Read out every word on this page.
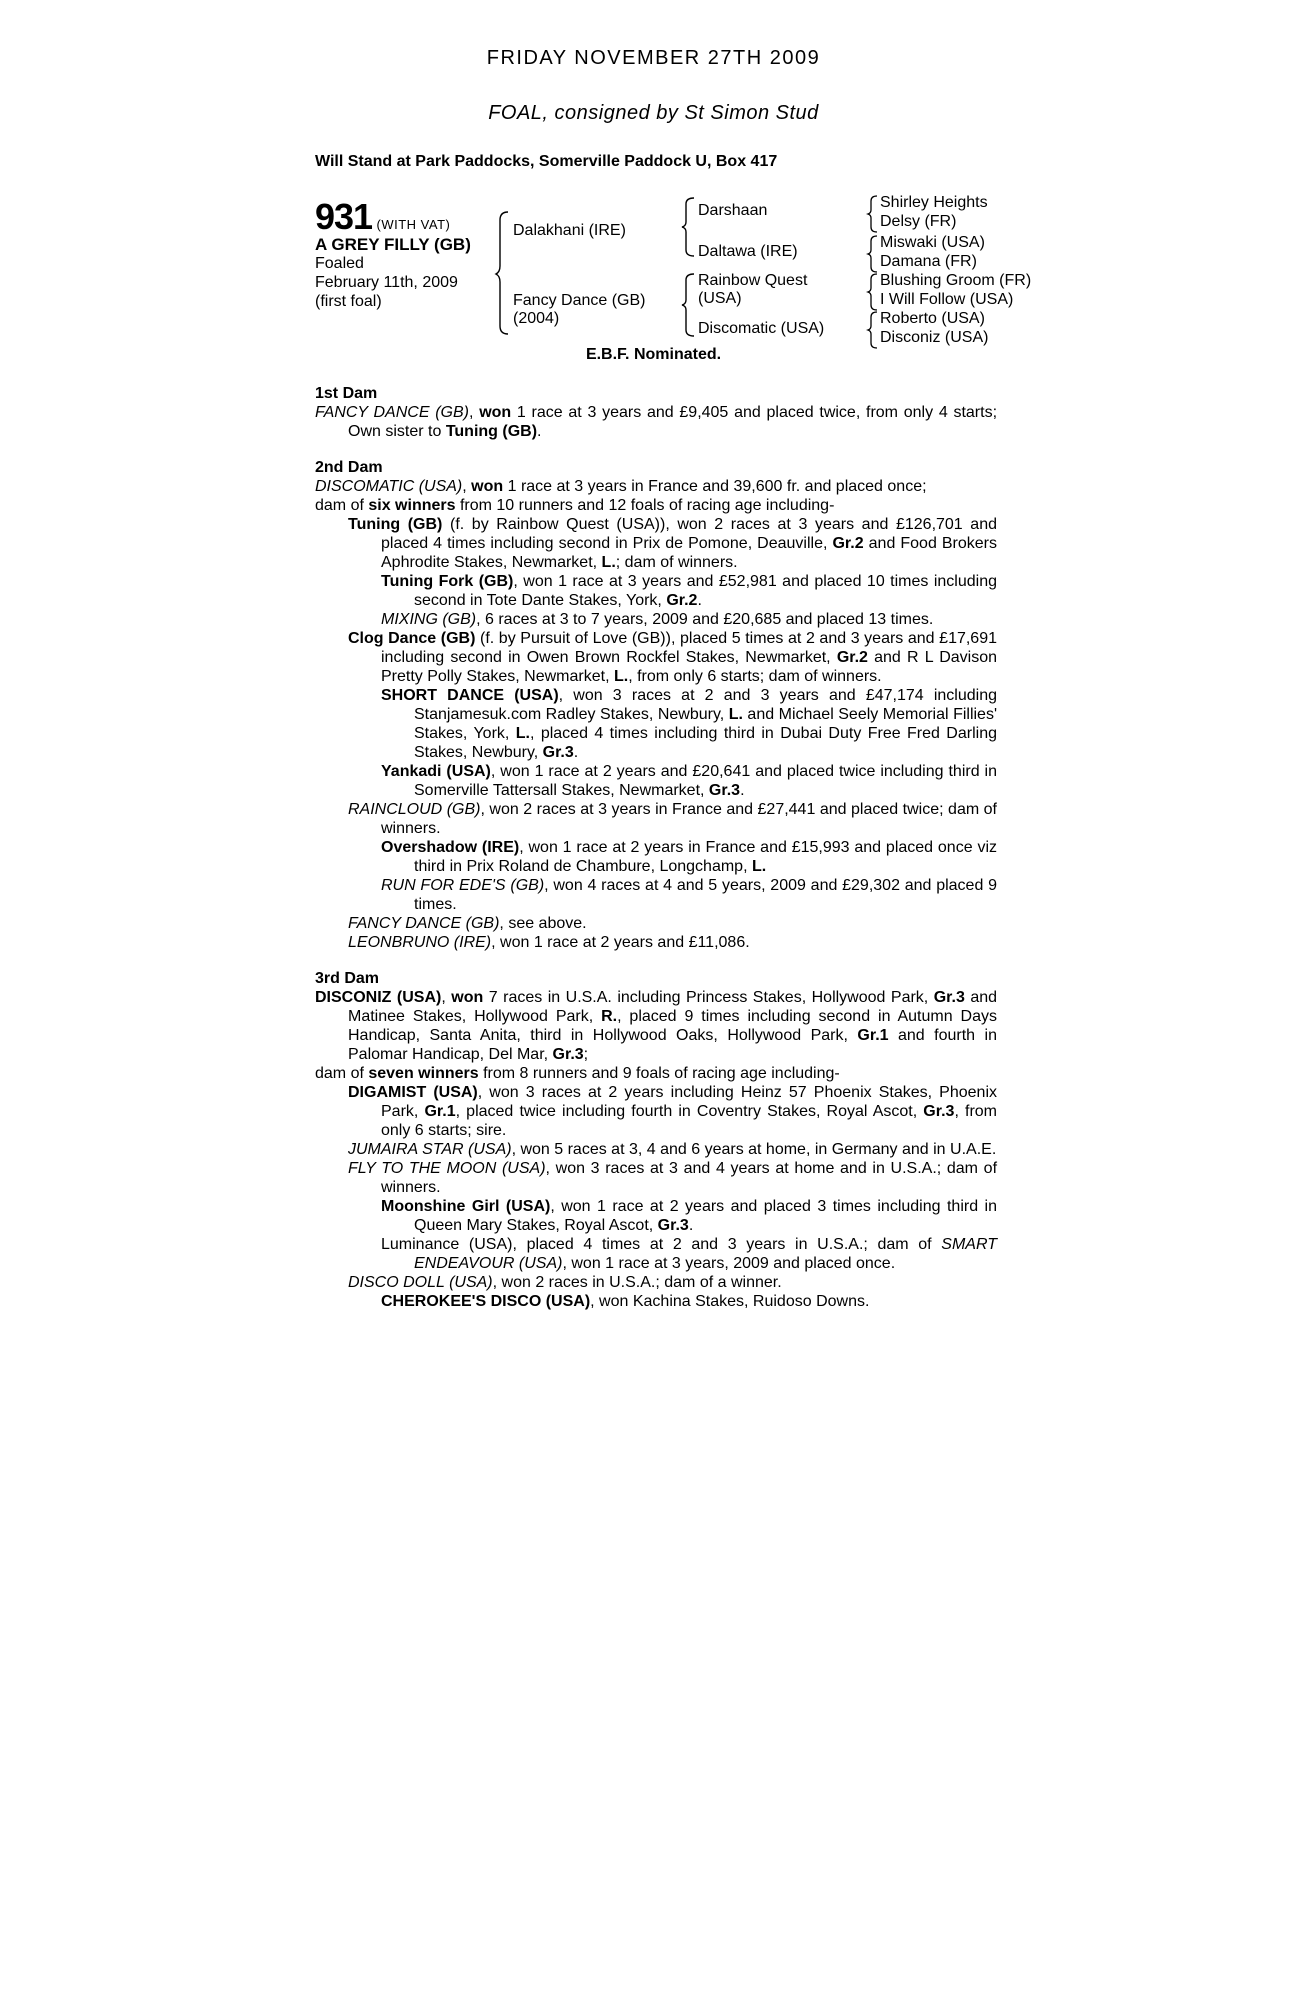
FRIDAY NOVEMBER 27TH 2009
FOAL, consigned by St Simon Stud
Will Stand at Park Paddocks, Somerville Paddock U, Box 417
931 (WITH VAT)
A GREY FILLY (GB)
Foaled
February 11th, 2009
(first foal)
Dalakhani (IRE)
Fancy Dance (GB)
(2004)
Darshaan
Daltawa (IRE)
Rainbow Quest
(USA)
Discomatic (USA)
Shirley Heights
Delsy (FR)
Miswaki (USA)
Damana (FR)
Blushing Groom (FR)
I Will Follow (USA)
Roberto (USA)
Disconiz (USA)
E.B.F. Nominated.
1st Dam
FANCY DANCE (GB), won 1 race at 3 years and £9,405 and placed twice, from only 4 starts; Own sister to Tuning (GB).
2nd Dam
DISCOMATIC (USA), won 1 race at 3 years in France and 39,600 fr. and placed once;
dam of six winners from 10 runners and 12 foals of racing age including-
Tuning (GB) (f. by Rainbow Quest (USA)), won 2 races at 3 years and £126,701 and placed 4 times including second in Prix de Pomone, Deauville, Gr.2 and Food Brokers Aphrodite Stakes, Newmarket, L.; dam of winners.
Tuning Fork (GB), won 1 race at 3 years and £52,981 and placed 10 times including second in Tote Dante Stakes, York, Gr.2.
MIXING (GB), 6 races at 3 to 7 years, 2009 and £20,685 and placed 13 times.
Clog Dance (GB) (f. by Pursuit of Love (GB)), placed 5 times at 2 and 3 years and £17,691 including second in Owen Brown Rockfel Stakes, Newmarket, Gr.2 and R L Davison Pretty Polly Stakes, Newmarket, L., from only 6 starts; dam of winners.
SHORT DANCE (USA), won 3 races at 2 and 3 years and £47,174 including Stanjamesuk.com Radley Stakes, Newbury, L. and Michael Seely Memorial Fillies' Stakes, York, L., placed 4 times including third in Dubai Duty Free Fred Darling Stakes, Newbury, Gr.3.
Yankadi (USA), won 1 race at 2 years and £20,641 and placed twice including third in Somerville Tattersall Stakes, Newmarket, Gr.3.
RAINCLOUD (GB), won 2 races at 3 years in France and £27,441 and placed twice; dam of winners.
Overshadow (IRE), won 1 race at 2 years in France and £15,993 and placed once viz third in Prix Roland de Chambure, Longchamp, L.
RUN FOR EDE'S (GB), won 4 races at 4 and 5 years, 2009 and £29,302 and placed 9 times.
FANCY DANCE (GB), see above.
LEONBRUNO (IRE), won 1 race at 2 years and £11,086.
3rd Dam
DISCONIZ (USA), won 7 races in U.S.A. including Princess Stakes, Hollywood Park, Gr.3 and Matinee Stakes, Hollywood Park, R., placed 9 times including second in Autumn Days Handicap, Santa Anita, third in Hollywood Oaks, Hollywood Park, Gr.1 and fourth in Palomar Handicap, Del Mar, Gr.3;
dam of seven winners from 8 runners and 9 foals of racing age including-
DIGAMIST (USA), won 3 races at 2 years including Heinz 57 Phoenix Stakes, Phoenix Park, Gr.1, placed twice including fourth in Coventry Stakes, Royal Ascot, Gr.3, from only 6 starts; sire.
JUMAIRA STAR (USA), won 5 races at 3, 4 and 6 years at home, in Germany and in U.A.E.
FLY TO THE MOON (USA), won 3 races at 3 and 4 years at home and in U.S.A.; dam of winners.
Moonshine Girl (USA), won 1 race at 2 years and placed 3 times including third in Queen Mary Stakes, Royal Ascot, Gr.3.
Luminance (USA), placed 4 times at 2 and 3 years in U.S.A.; dam of SMART ENDEAVOUR (USA), won 1 race at 3 years, 2009 and placed once.
DISCO DOLL (USA), won 2 races in U.S.A.; dam of a winner.
CHEROKEE'S DISCO (USA), won Kachina Stakes, Ruidoso Downs.
